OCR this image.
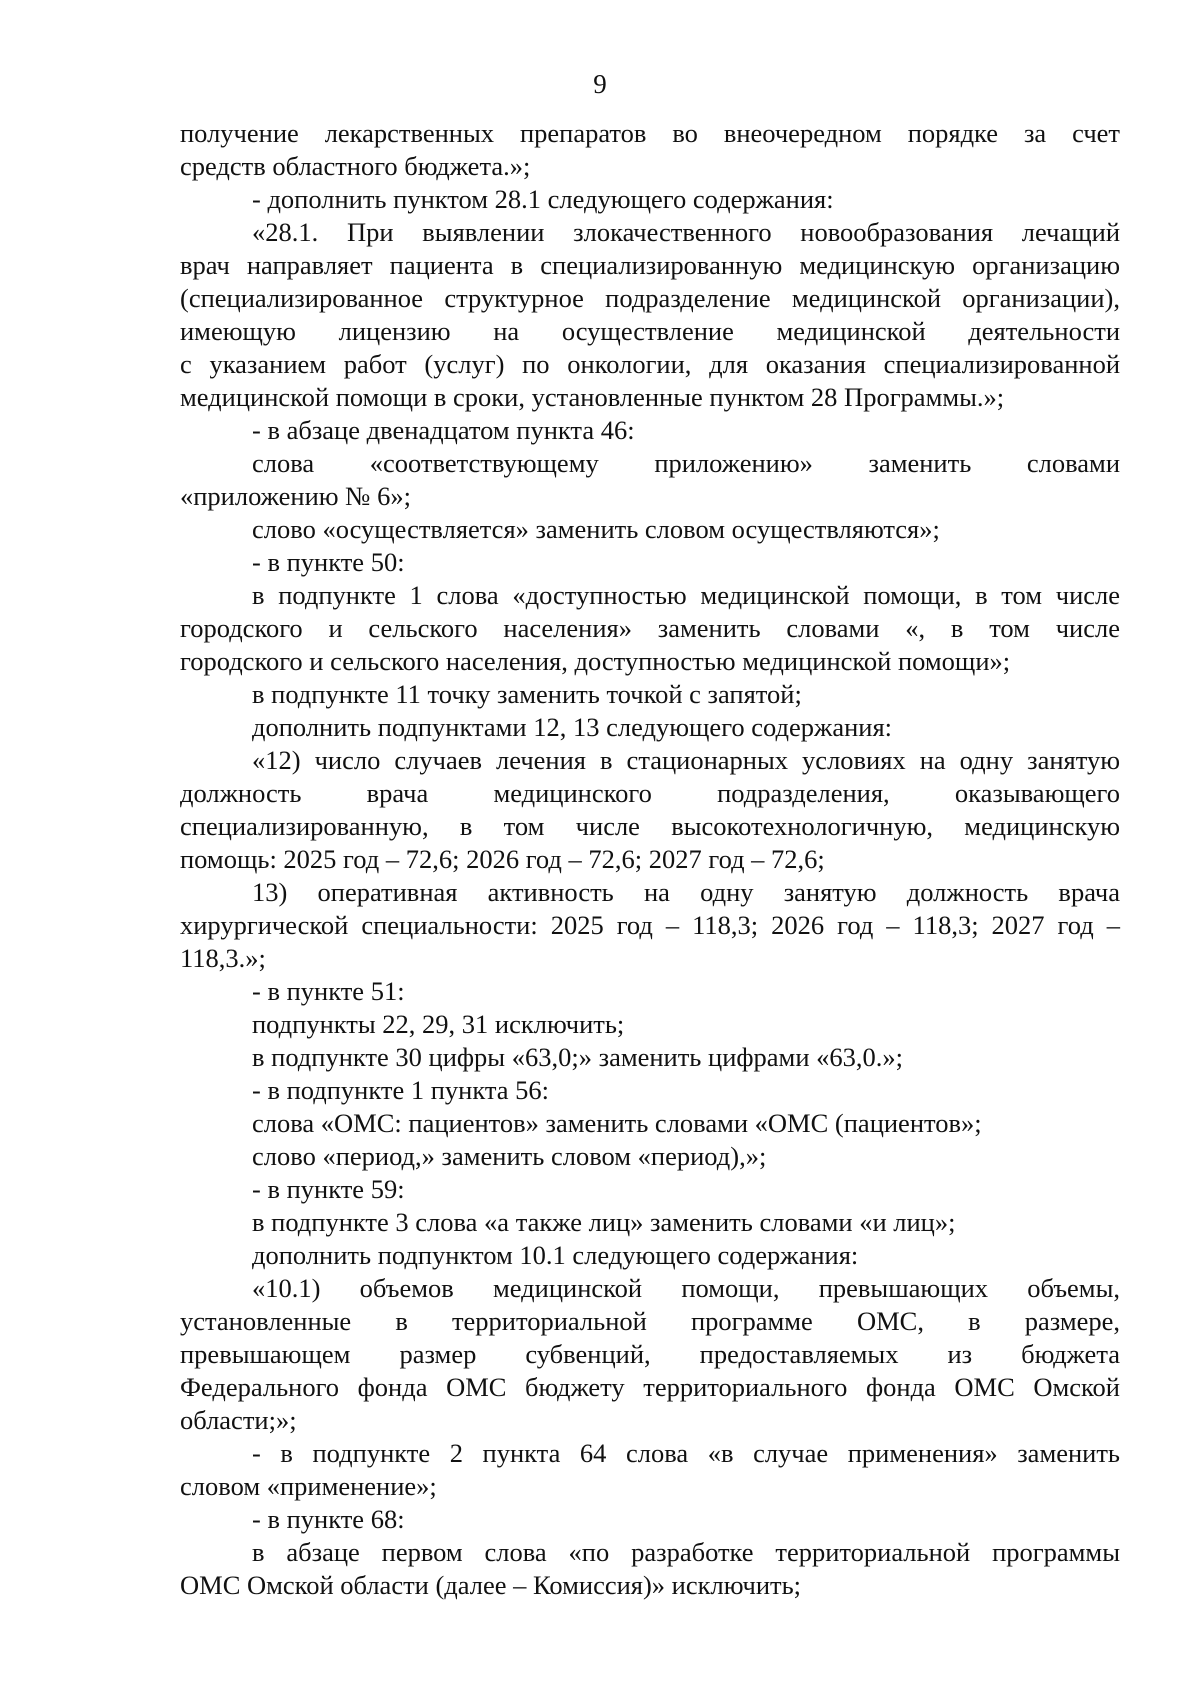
9
получение лекарственных препаратов во внеочередном порядке за счет
средств областного бюджета.»;
- дополнить пунктом 28.1 следующего содержания:
«28.1. При выявлении злокачественного новообразования лечащий
врач направляет пациента в специализированную медицинскую организацию
(специализированное структурное подразделение медицинской организации),
имеющую лицензию на осуществление медицинской деятельности
с указанием работ (услуг) по онкологии, для оказания специализированной
медицинской помощи в сроки, установленные пунктом 28 Программы.»;
- в абзаце двенадцатом пункта 46:
слова «соответствующему приложению» заменить словами
«приложению № 6»;
слово «осуществляется» заменить словом осуществляются»;
- в пункте 50:
в подпункте 1 слова «доступностью медицинской помощи, в том числе
городского и сельского населения» заменить словами «, в том числе
городского и сельского населения, доступностью медицинской помощи»;
в подпункте 11 точку заменить точкой с запятой;
дополнить подпунктами 12, 13 следующего содержания:
«12) число случаев лечения в стационарных условиях на одну занятую
должность врача медицинского подразделения, оказывающего
специализированную, в том числе высокотехнологичную, медицинскую
помощь: 2025 год – 72,6; 2026 год – 72,6; 2027 год – 72,6;
13) оперативная активность на одну занятую должность врача
хирургической специальности: 2025 год – 118,3; 2026 год – 118,3; 2027 год –
118,3.»;
- в пункте 51:
подпункты 22, 29, 31 исключить;
в подпункте 30 цифры «63,0;» заменить цифрами «63,0.»;
- в подпункте 1 пункта 56:
слова «ОМС: пациентов» заменить словами «ОМС (пациентов»;
слово «период,» заменить словом «период),»;
- в пункте 59:
в подпункте 3 слова «а также лиц» заменить словами «и лиц»;
дополнить подпунктом 10.1 следующего содержания:
«10.1) объемов медицинской помощи, превышающих объемы,
установленные в территориальной программе ОМС, в размере,
превышающем размер субвенций, предоставляемых из бюджета
Федерального фонда ОМС бюджету территориального фонда ОМС Омской
области;»;
- в подпункте 2 пункта 64 слова «в случае применения» заменить
словом «применение»;
- в пункте 68:
в абзаце первом слова «по разработке территориальной программы
ОМС Омской области (далее – Комиссия)» исключить;
